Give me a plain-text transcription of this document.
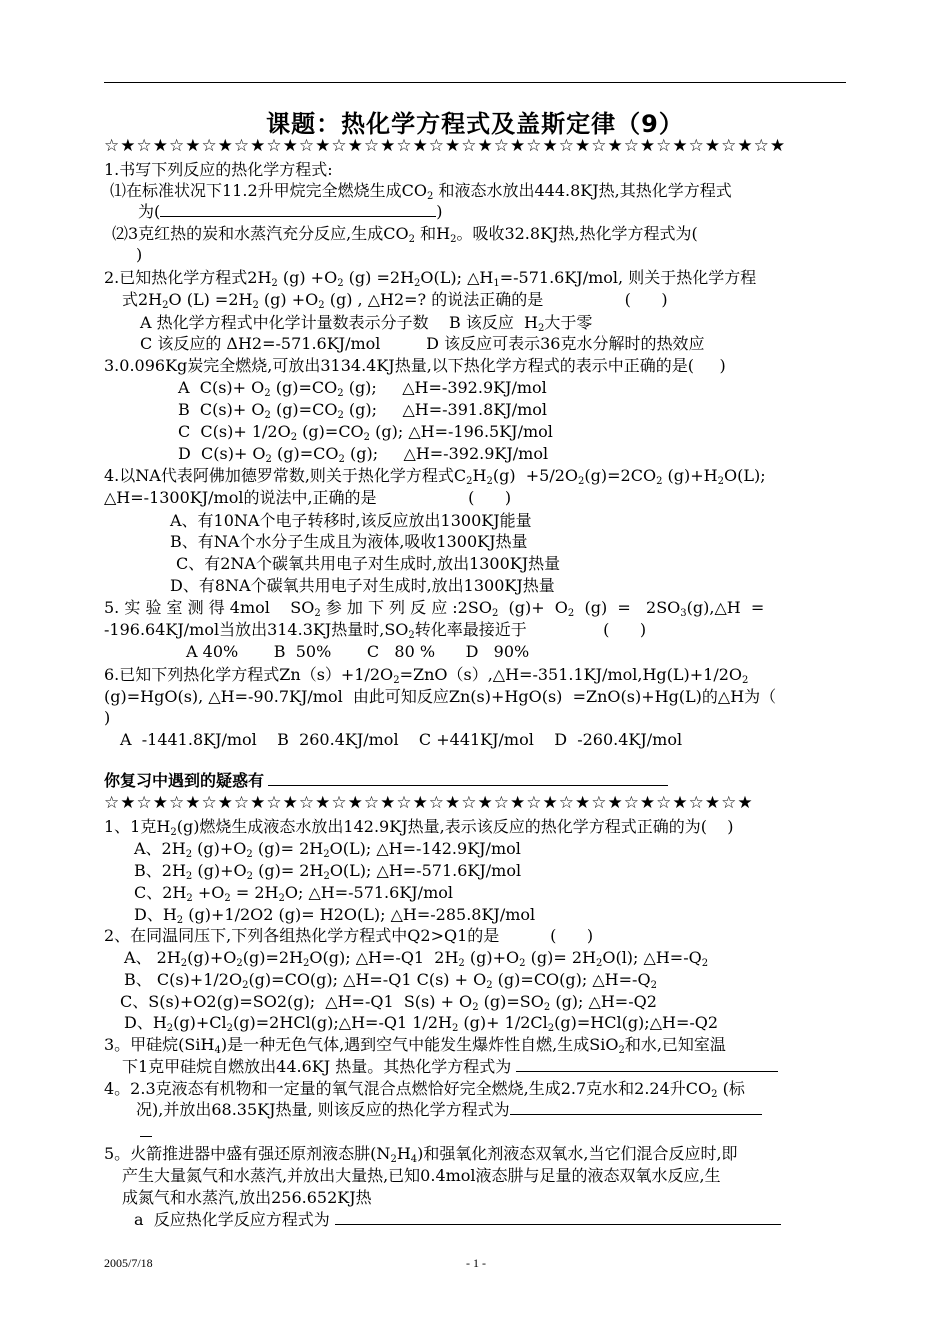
课题：热化学方程式及盖斯定律（9）
☆★☆★☆★☆★☆★☆★☆★☆★☆★☆★☆★☆★☆★☆★☆★☆★☆★☆★☆★☆★☆★
1.书写下列反应的热化学方程式:
⑴在标准状况下11.2升甲烷完全燃烧生成$CO_2$ 和液态水放出444.8KJ热,其热化学方程式
为(	)
⑵3克红热的炭和水蒸汽充分反应,生成$CO_2$ 和$H_2$。吸收32.8KJ热,热化学方程式为(
)
2.已知热化学方程式$2H_2$ $(g) +O_2$ $(g) =2H_2O(L)$; $\triangle H_1=-571.6KJ$/mol, 则关于热化学方程
式$2H_2O$ $(L) =2H_2$ $(g) +O_2$ (g) , △H2=? 的说法正确的是                (      )
A 热化学方程式中化学计量数表示分子数    B 该反应  $H_2$大于零
C 该反应的 ΔH2=-571.6KJ/mol         D 该反应可表示36克水分解时的热效应
3.0.096Kg炭完全燃烧,可放出3134.4KJ热量,以下热化学方程式的表示中正确的是(     )
A  $C(s)+ O_2$ $(g)=CO_2$ (g);     △H=-392.9KJ/mol
B  $C(s)+ O_2$ $(g)=CO_2$ (g);     △H=-391.8KJ/mol
C  $C(s)+ 1/2O_2$ $(g)=CO_2$ (g); △H=-196.5KJ/mol
D  $C(s)+ O_2$ $(g)=CO_2$ (g);     △H=-392.9KJ/mol
4.以NA代表阿佛加德罗常数,则关于热化学方程式$C_2H_2(g) +5/2O_2(g)=2CO_2$ $(g)+H_2O(L)$;
△H=-1300KJ/mol的说法中,正确的是                  (      )
A、有10NA个电子转移时,该反应放出1300KJ能量
B、有NA个水分子生成且为液体,吸收1300KJ热量
C、有2NA个碳氧共用电子对生成时,放出1300KJ热量
D、有8NA个碳氧共用电子对生成时,放出1300KJ热量
5. 实 验 室 测 得 4mol    $SO_2$ 参 加 下 列 反 应 $:2SO_2$  $(g)+ O_2$  $(g) = 2SO_3(g),\triangle H$  =
-196.64KJ/mol当放出314.3KJ热量时$,SO_2$转化率最接近于               (      )
A 40%       B  50%       C   80 %      D   90%
6.已知下列热化学方程式$Zn(s)+1/2O_2=ZnO(s),\triangle H=-351.1KJ/mol,Hg(L)+1/2O_2$
(g)=HgO(s), △H=-90.7KJ/mol  由此可知反应Zn(s)+HgO(s)  =ZnO(s)+Hg(L)的△H为（
)
A  -1441.8KJ/mol    B  260.4KJ/mol    C +441KJ/mol    D  -260.4KJ/mol
你复习中遇到的疑惑有
☆★☆★☆★☆★☆★☆★☆★☆★☆★☆★☆★☆★☆★☆★☆★☆★☆★☆★☆★☆★
1、1克$H_2(g)$燃烧生成液态水放出142.9KJ热量,表示该反应的热化学方程式正确的为(    )
A、$2H_2$ $(g)+O_2$ $(g)= 2H_2O(L)$; △H=-142.9KJ/mol
B、$2H_2$ $(g)+O_2$ $(g)= 2H_2O(L)$; △H=-571.6KJ/mol
C、$2H_2 +O_2 = 2H_2O$; △H=-571.6KJ/mol
D、$H_2$ (g)+1/2O2 (g)= H2O(L); △H=-285.8KJ/mol
2、在同温同压下,下列各组热化学方程式中Q2>Q1的是          (      )
A、 $2H_2(g)+O_2(g)=2H_2O(g)$; △H=-Q1  $2H_2$ $(g)+O_2$ $(g)= 2H_2O(l)$; $\triangle H=-Q_2$
B、 $C(s)+1/2O_2(g)=CO(g)$; △H=-Q1 $C(s) + O_2$ (g)=CO(g); $\triangle H=-Q_2$
C、S(s)+O2(g)=SO2(g);  △H=-Q1  $S(s) + O_2$ $(g)=SO_2$ (g); △H=-Q2
D、$H_2(g)+Cl_2(g)=2HCl(g);\triangle H=-Q1$ $1/2H_2$ $(g)+ 1/2Cl_2(g)=HCl(g);\triangle H=-Q2$
3。甲硅烷(SiH$_4$)是一种无色气体,遇到空气中能发生爆炸性自燃,生成SiO$_2$和水,已知室温
下1克甲硅烷自燃放出44.6KJ 热量。其热化学方程式为
4。2.3克液态有机物和一定量的氧气混合点燃恰好完全燃烧,生成2.7克水和2.24升$CO_2$ (标
况),并放出68.35KJ热量, 则该反应的热化学方程式为
5。火箭推进器中盛有强还原剂液态肼$(N_2H_4)$和强氧化剂液态双氧水,当它们混合反应时,即
产生大量氮气和水蒸汽,并放出大量热,已知0.4mol液态肼与足量的液态双氧水反应,生
成氮气和水蒸汽,放出256.652KJ热
a  反应热化学反应方程式为
2005/7/18	- 1 -
